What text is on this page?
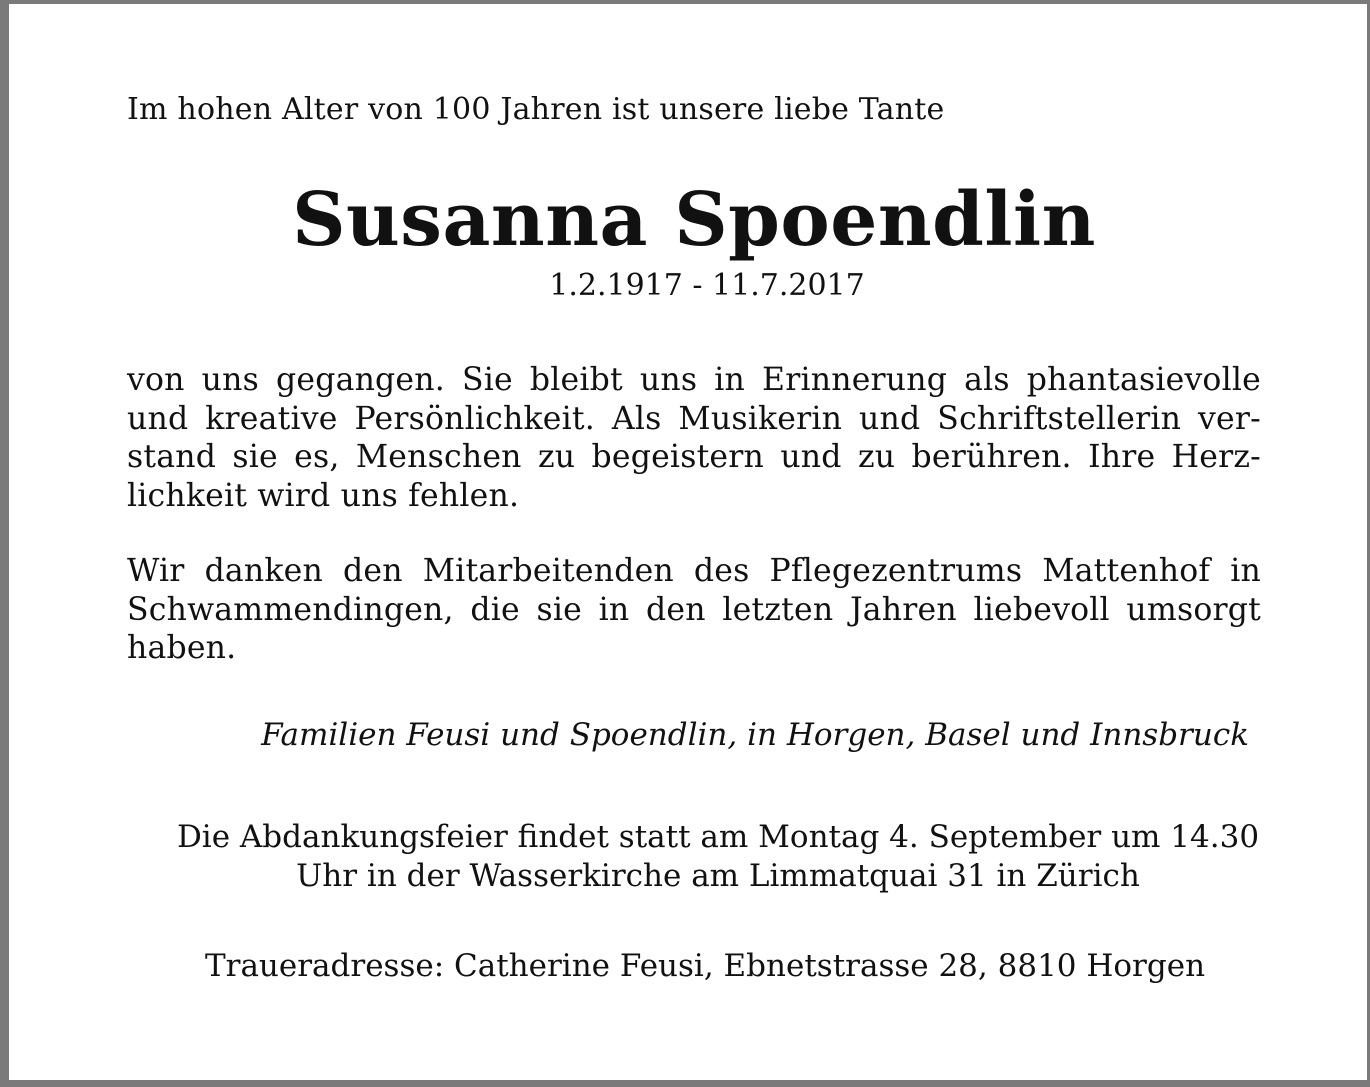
Im hohen Alter von 100 Jahren ist unsere liebe Tante
Susanna Spoendlin
1.2.1917 - 11.7.2017

von uns gegangen. Sie bleibt uns in Erinnerung als phantasievolle
und kreative Persönlichkeit. Als Musikerin und Schriftstellerin ver-
stand sie es, Menschen zu begeistern und zu berühren. Ihre Herz-
lichkeit wird uns fehlen.

Wir danken den Mitarbeitenden des Pflegezentrums Mattenhof in
Schwammendingen, die sie in den letzten Jahren liebevoll umsorgt
haben.

Familien Feusi und Spoendlin, in Horgen, Basel und Innsbruck
Die Abdankungsfeier findet statt am Montag 4. September um 14.30
Uhr in der Wasserkirche am Limmatquai 31 in Zürich
Traueradresse: Catherine Feusi, Ebnetstrasse 28, 8810 Horgen
